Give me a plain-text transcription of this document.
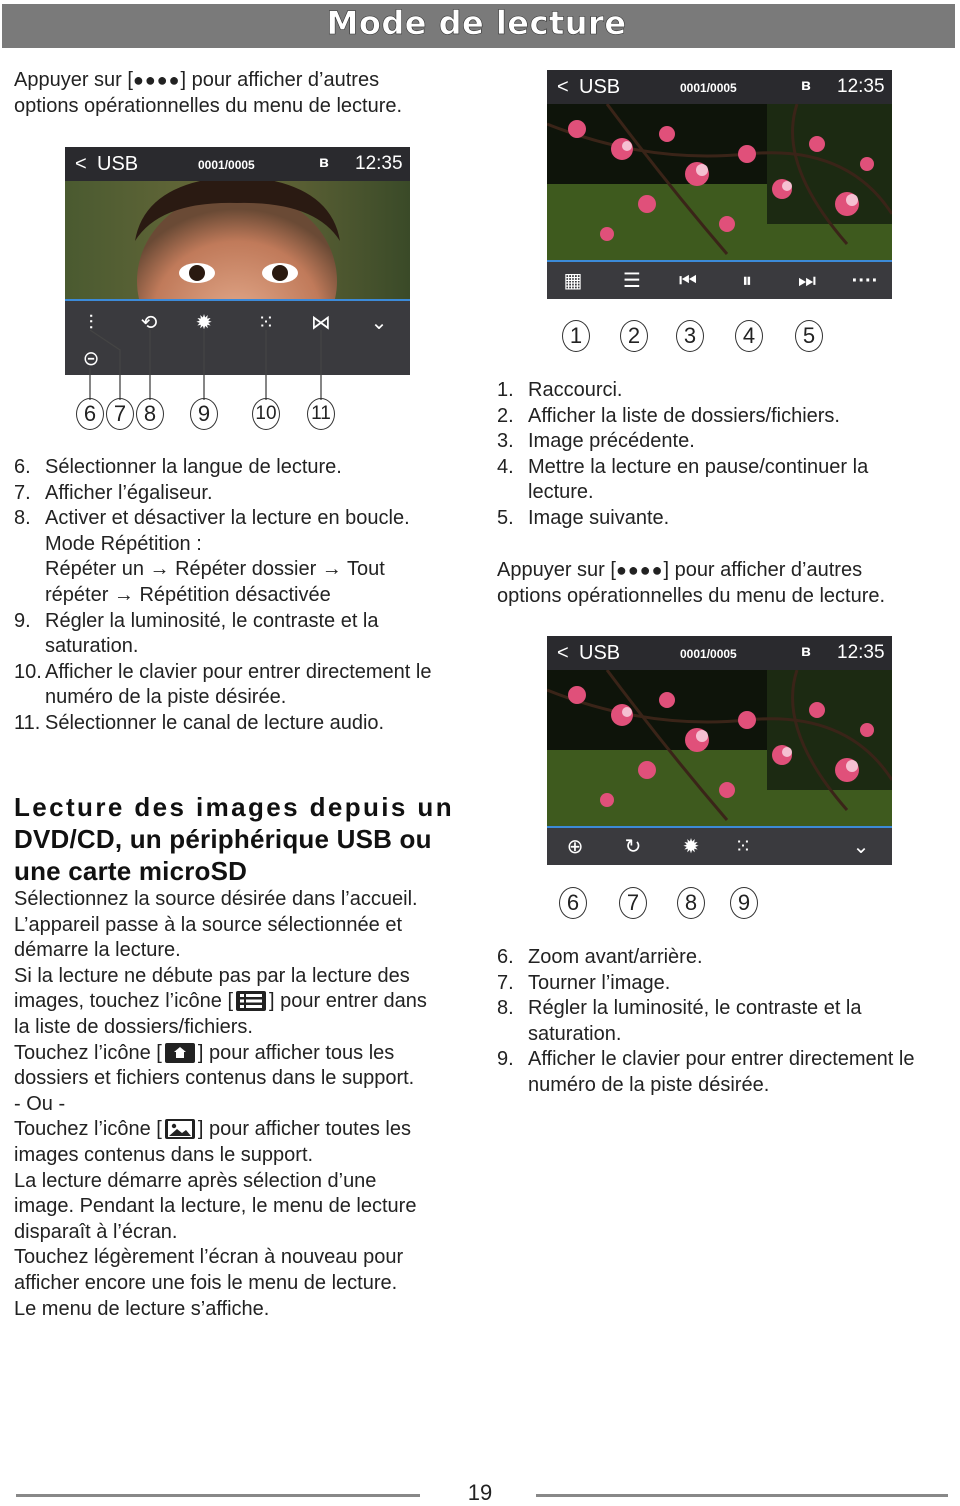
Mode de lecture
Appuyer sur [●●●●] pour afficher d’autres
options opérationnelles du menu de lecture.
< USB	0001/0005	ʙ 12:35
⫶	⟲ ✹ ⁙ ⋈ ⌄
⊝
6 7 8	9	10 11
6. Sélectionner la langue de lecture.
7. Afficher l’égaliseur.
8. Activer et désactiver la lecture en boucle.
Mode Répétition :
Répéter un → Répéter dossier → Tout
répéter → Répétition désactivée
9. Régler la luminosité, le contraste et la
saturation.
10. Afficher le clavier pour entrer directement le
numéro de la piste désirée.
11. Sélectionner le canal de lecture audio.
< USB	0001/0005	ʙ 12:35
▦ ☰ ⏮	⏸	⏭ ····
1	2	3	4	5
1. Raccourci.
2. Afficher la liste de dossiers/fichiers.
3. Image précédente.
4. Mettre la lecture en pause/continuer la
lecture.
5. Image suivante.
Appuyer sur [●●●●] pour afficher d’autres
options opérationnelles du menu de lecture.
< USB	0001/0005	ʙ 12:35
⊕ ↻ ✹ ⁙	⌄
6	7	8	9
6. Zoom avant/arrière.
7. Tourner l’image.
8. Régler la luminosité, le contraste et la
saturation.
9. Afficher le clavier pour entrer directement le
numéro de la piste désirée.
Lecture des images depuis un
DVD/CD, un périphérique USB ou
une carte microSD
Sélectionnez la source désirée dans l’accueil.
L’appareil passe à la source sélectionnée et
démarre la lecture.
Si la lecture ne débute pas par la lecture des
images, touchez l’icône [ ] pour entrer dans
la liste de dossiers/fichiers.
Touchez l’icône [ ] pour afficher tous les
dossiers et fichiers contenus dans le support.
- Ou -
Touchez l’icône [ ] pour afficher toutes les
images contenus dans le support.
La lecture démarre après sélection d’une
image. Pendant la lecture, le menu de lecture
disparaît à l’écran.
Touchez légèrement l’écran à nouveau pour
afficher encore une fois le menu de lecture.
Le menu de lecture s’affiche.
19
